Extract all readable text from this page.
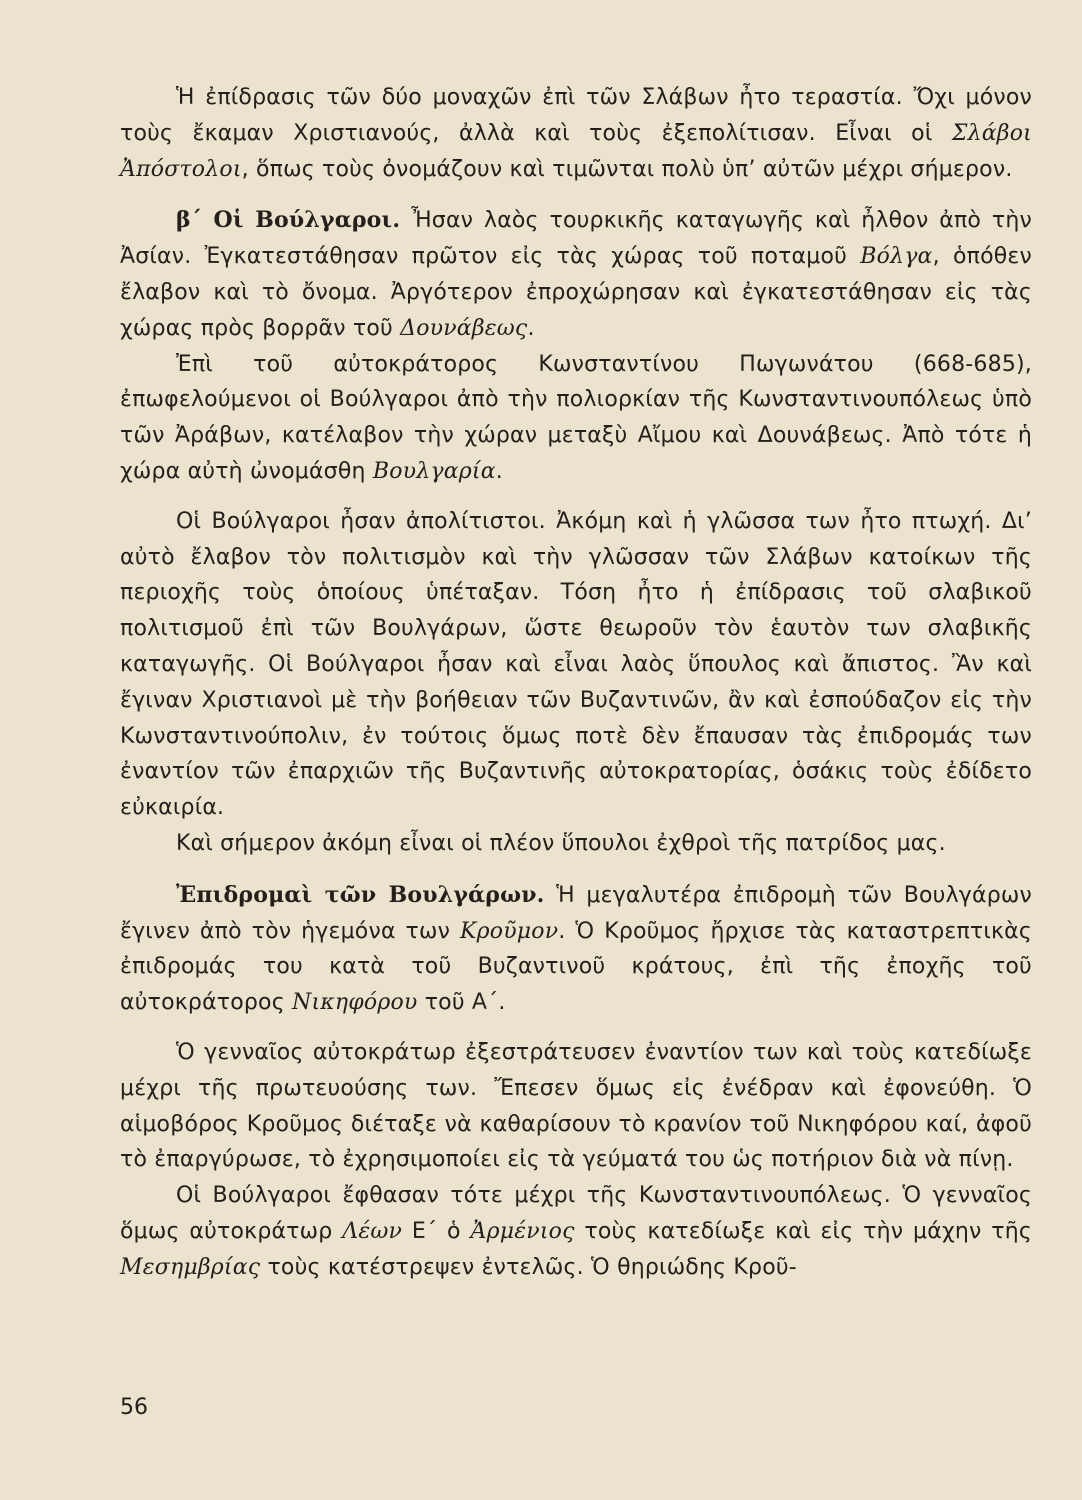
Ἡ ἐπίδρασις τῶν δύο μοναχῶν ἐπὶ τῶν Σλάβων ἦτο τεραστία. Ὄχι μόνον τοὺς ἔκαμαν Χριστιανούς, ἀλλὰ καὶ τοὺς ἐξεπολίτισαν. Εἶναι οἱ Σλάβοι Ἀπόστολοι, ὅπως τοὺς ὀνομάζουν καὶ τιμῶνται πολὺ ὑπ’ αὐτῶν μέχρι σήμερον.

β΄ Οἱ Βούλγαροι. Ἦσαν λαὸς τουρκικῆς καταγωγῆς καὶ ἦλθον ἀπὸ τὴν Ἀσίαν. Ἐγκατεστάθησαν πρῶτον εἰς τὰς χώρας τοῦ ποταμοῦ Βόλγα, ὁπόθεν ἔλαβον καὶ τὸ ὄνομα. Ἀργότερον ἐπροχώρησαν καὶ ἐγκατεστάθησαν εἰς τὰς χώρας πρὸς βορρᾶν τοῦ Δουνάβεως.

Ἐπὶ τοῦ αὐτοκράτορος Κωνσταντίνου Πωγωνάτου (668-685), ἐπωφελούμενοι οἱ Βούλγαροι ἀπὸ τὴν πολιορκίαν τῆς Κωνσταντινουπόλεως ὑπὸ τῶν Ἀράβων, κατέλαβον τὴν χώραν μεταξὺ Αἴμου καὶ Δουνάβεως. Ἀπὸ τότε ἡ χώρα αὐτὴ ὠνομάσθη Βουλγαρία.

Οἱ Βούλγαροι ἦσαν ἀπολίτιστοι. Ἀκόμη καὶ ἡ γλῶσσα των ἦτο πτωχή. Δι’ αὐτὸ ἔλαβον τὸν πολιτισμὸν καὶ τὴν γλῶσσαν τῶν Σλάβων κατοίκων τῆς περιοχῆς τοὺς ὁποίους ὑπέταξαν. Τόση ἦτο ἡ ἐπίδρασις τοῦ σλαβικοῦ πολιτισμοῦ ἐπὶ τῶν Βουλγάρων, ὥστε θεωροῦν τὸν ἑαυτὸν των σλαβικῆς καταγωγῆς. Οἱ Βούλγαροι ἦσαν καὶ εἶναι λαὸς ὕπουλος καὶ ἄπιστος. Ἂν καὶ ἔγιναν Χριστιανοὶ μὲ τὴν βοήθειαν τῶν Βυζαντινῶν, ἂν καὶ ἐσπούδαζον εἰς τὴν Κωνσταντινούπολιν, ἐν τούτοις ὅμως ποτὲ δὲν ἔπαυσαν τὰς ἐπιδρομάς των ἐναντίον τῶν ἐπαρχιῶν τῆς Βυζαντινῆς αὐτοκρατορίας, ὁσάκις τοὺς ἐδίδετο εὐκαιρία.

Καὶ σήμερον ἀκόμη εἶναι οἱ πλέον ὕπουλοι ἐχθροὶ τῆς πατρίδος μας.

Ἐπιδρομαὶ τῶν Βουλγάρων. Ἡ μεγαλυτέρα ἐπιδρομὴ τῶν Βουλγάρων ἔγινεν ἀπὸ τὸν ἡγεμόνα των Κροῦμον. Ὁ Κροῦμος ἤρχισε τὰς καταστρεπτικὰς ἐπιδρομάς του κατὰ τοῦ Βυζαντινοῦ κράτους, ἐπὶ τῆς ἐποχῆς τοῦ αὐτοκράτορος Νικηφόρου τοῦ Α΄.

Ὁ γενναῖος αὐτοκράτωρ ἐξεστράτευσεν ἐναντίον των καὶ τοὺς κατεδίωξε μέχρι τῆς πρωτευούσης των. Ἔπεσεν ὅμως εἰς ἐνέδραν καὶ ἐφονεύθη. Ὁ αἱμοβόρος Κροῦμος διέταξε νὰ καθαρίσουν τὸ κρανίον τοῦ Νικηφόρου καί, ἀφοῦ τὸ ἐπαργύρωσε, τὸ ἐχρησιμοποίει εἰς τὰ γεύματά του ὡς ποτήριον διὰ νὰ πίνῃ.

Οἱ Βούλγαροι ἔφθασαν τότε μέχρι τῆς Κωνσταντινουπόλεως. Ὁ γενναῖος ὅμως αὐτοκράτωρ Λέων Ε΄ ὁ Ἀρμένιος τοὺς κατεδίωξε καὶ εἰς τὴν μάχην τῆς Μεσημβρίας τοὺς κατέστρεψεν ἐντελῶς. Ὁ θηριώδης Κροῦ-

56
